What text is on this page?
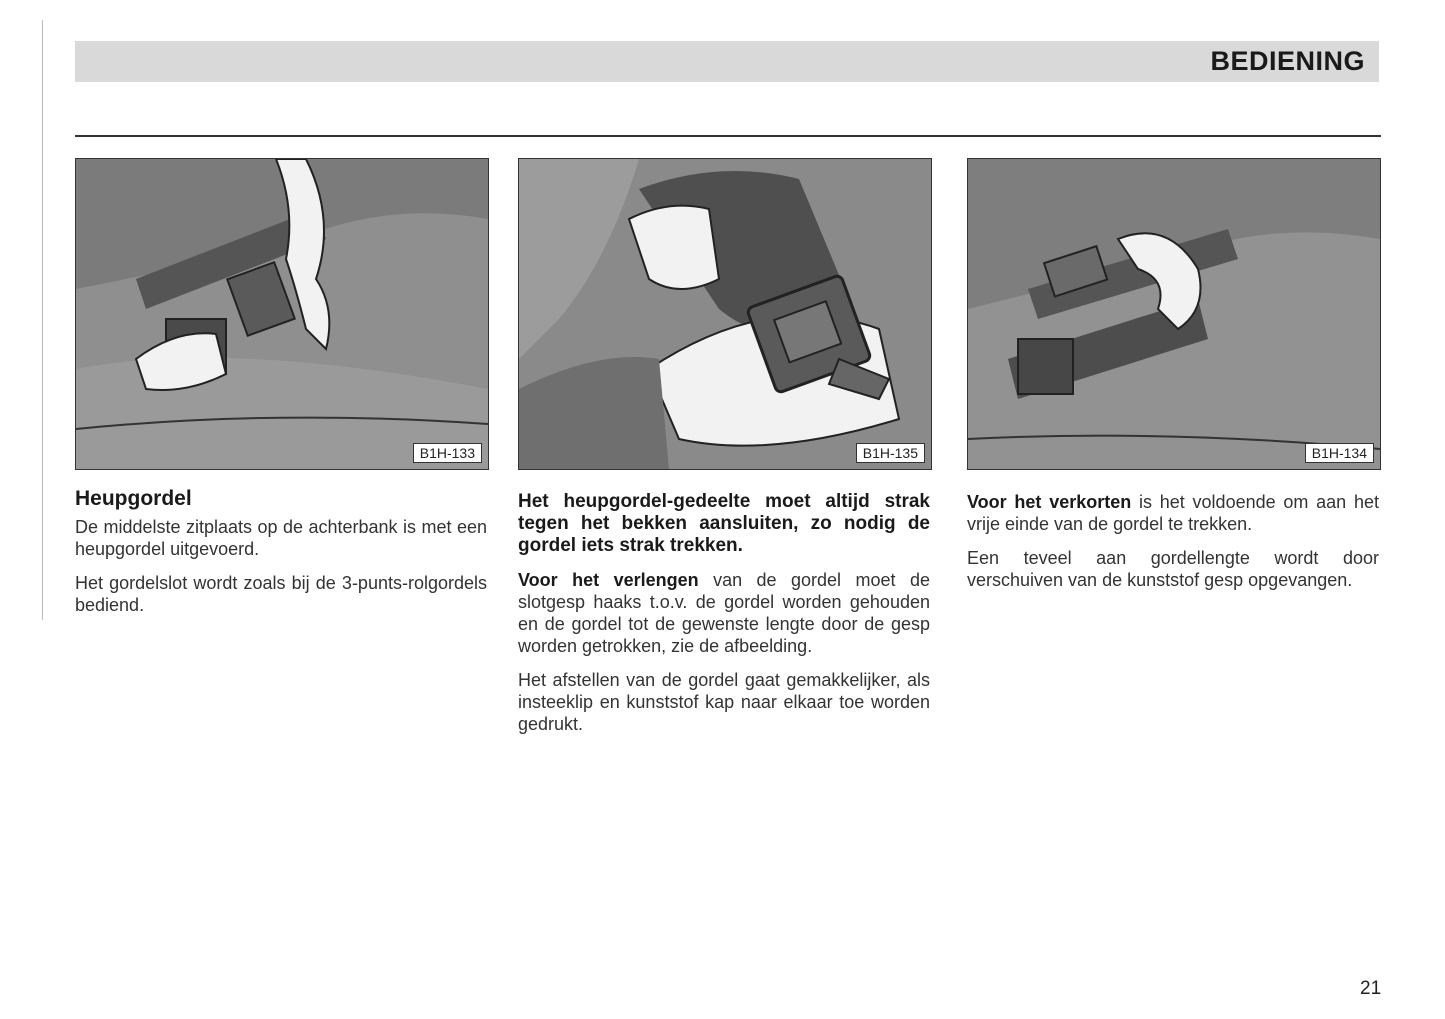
BEDIENING
B1H-133	B1H-135	B1H-134
Heupgordel

De middelste zitplaats op de achterbank is met een heupgordel uitgevoerd.

Het gordelslot wordt zoals bij de 3-punts-rolgordels bediend.

Het heupgordel-gedeelte moet altijd strak tegen het bekken aansluiten, zo nodig de gordel iets strak trekken.

Voor het verlengen van de gordel moet de slotgesp haaks t.o.v. de gordel worden gehouden en de gordel tot de gewenste lengte door de gesp worden getrokken, zie de afbeelding.

Het afstellen van de gordel gaat gemakkelijker, als insteeklip en kunststof kap naar elkaar toe worden gedrukt.

Voor het verkorten is het voldoende om aan het vrije einde van de gordel te trekken.

Een teveel aan gordellengte wordt door verschuiven van de kunststof gesp opgevangen.

21
